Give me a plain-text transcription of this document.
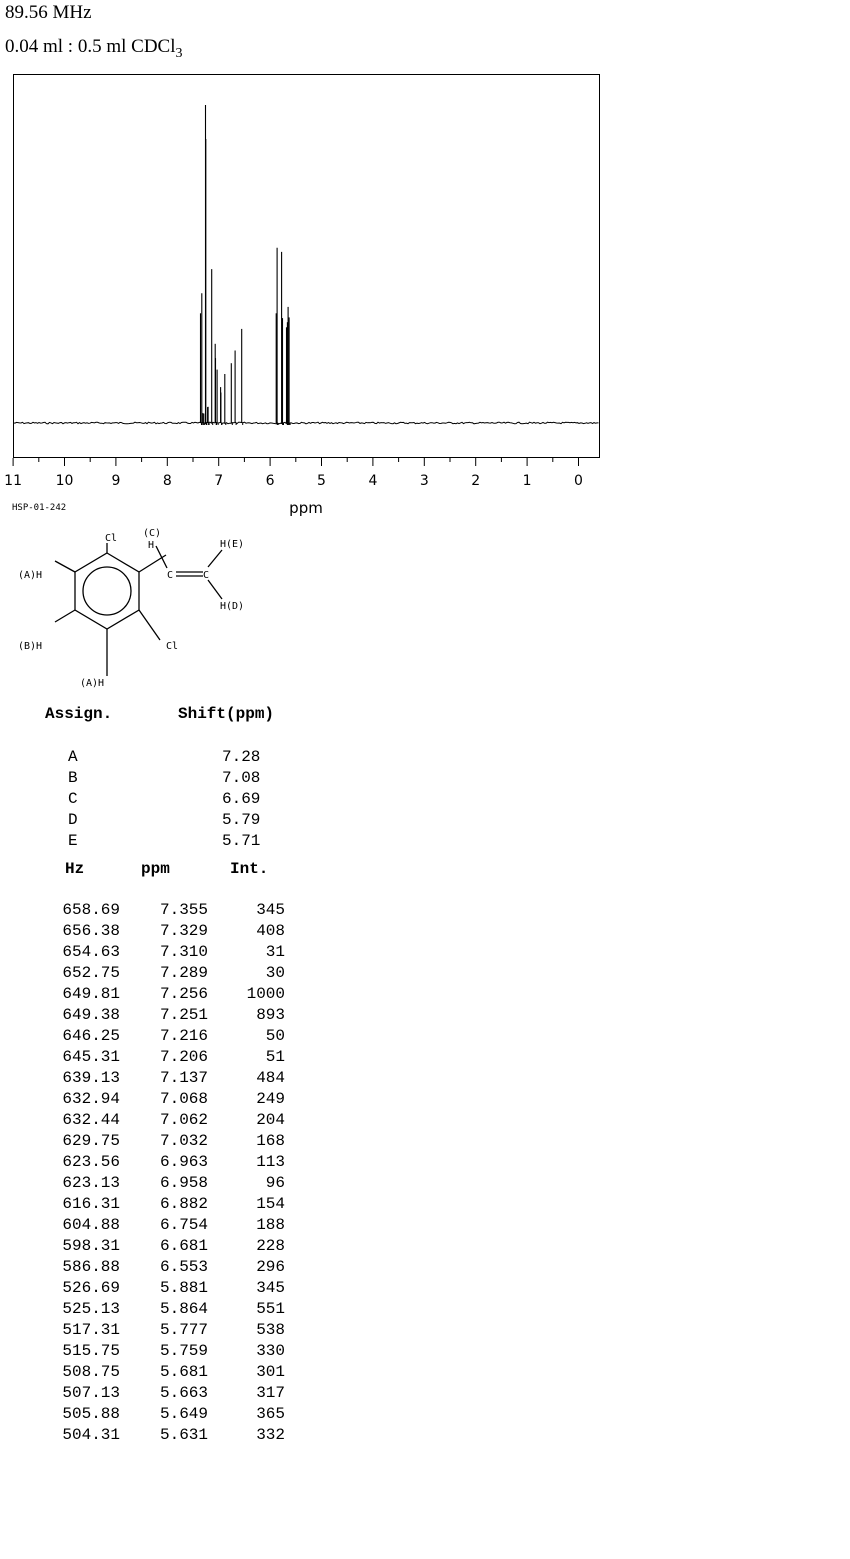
89.56 MHz
0.04 ml : 0.5 ml CDCl$_3$
11 10	9	8	7	6	5	4	3	2	1	0
ppm
HSP-01-242
Cl
(A)H
(B)H
(A)H
Cl
(C)
H
C	C
H(E)
H(D)
Assign.	Shift(ppm)
A	7.28
B	7.08
C	6.69
D	5.79
E	5.71
Hz	ppm	Int.
658.69	7.355	345
656.38	7.329	408
654.63	7.310	31
652.75	7.289	30
649.81	7.256	1000
649.38	7.251	893
646.25	7.216	50
645.31	7.206	51
639.13	7.137	484
632.94	7.068	249
632.44	7.062	204
629.75	7.032	168
623.56	6.963	113
623.13	6.958	96
616.31	6.882	154
604.88	6.754	188
598.31	6.681	228
586.88	6.553	296
526.69	5.881	345
525.13	5.864	551
517.31	5.777	538
515.75	5.759	330
508.75	5.681	301
507.13	5.663	317
505.88	5.649	365
504.31	5.631	332
